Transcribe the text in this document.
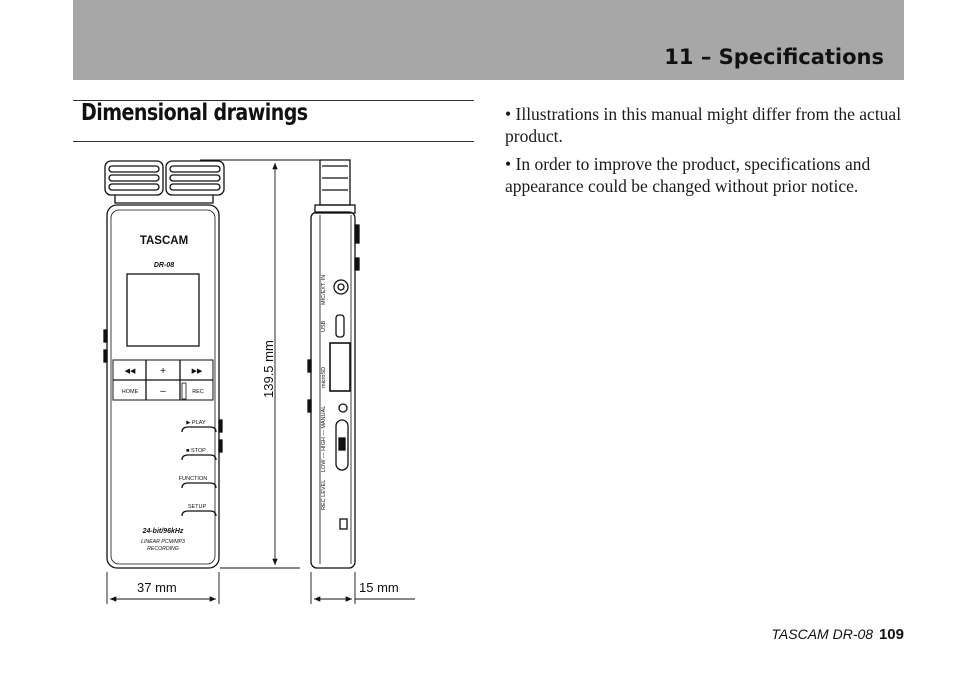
11 – Specifications
Dimensional drawings	• Illustrations in this manual might differ from the actual product.

• In order to improve the product, specifications and appearance could be changed without prior notice.

TASCAM
DR-08
◀◀ +	▶▶
HOME –	REC
▶ PLAY
■ STOP
FUNCTION
SETUP
24-bit/96kHz
LINEAR PCM/MP3
RECORDING
MIC/EXT. IN
USB
microSD
LOW — HIGH — MANUAL
REC LEVEL
139.5 mm
37 mm	15 mm
TASCAM DR-08 109
